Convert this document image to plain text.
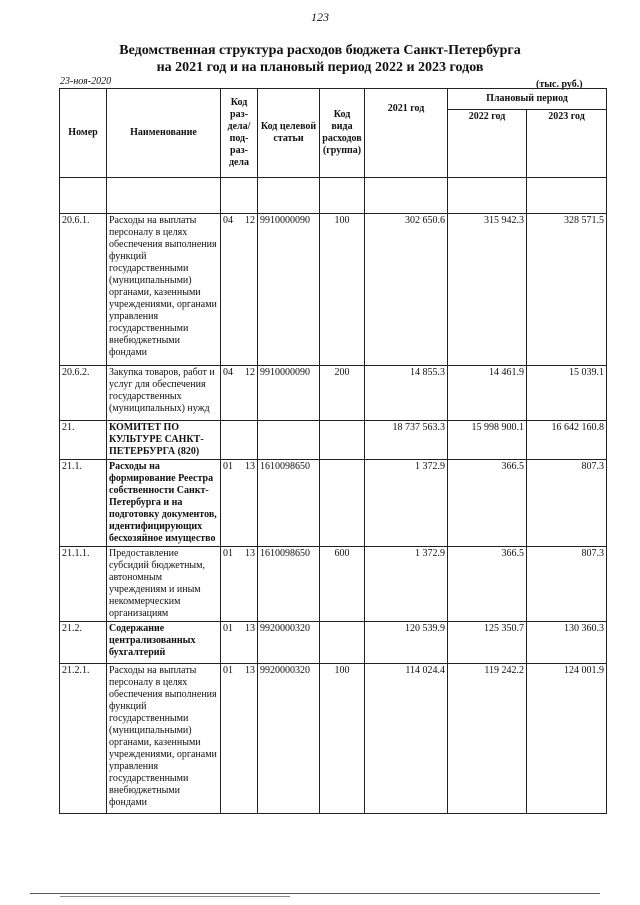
123
Ведомственная структура расходов бюджета Санкт-Петербурга
на 2021 год и на плановый период 2022 и 2023 годов
23-ноя-2020	(тыс. руб.)
Номер	Наименование	Код раз-дела/ под-раз-дела	Код целевой статьи	Код вида расходов (группа)	2021 год	Плановый период	
						2022 год	2023 год

20.6.1.	Расходы на выплаты персоналу в целях обеспечения выполнения функций государственными (муниципальными) органами, казенными учреждениями, органами управления государственными внебюджетными фондами	04 12	9910000090	100	302 650.6	315 942.3	328 571.5
20.6.2.	Закупка товаров, работ и услуг для обеспечения государственных (муниципальных) нужд	04 12	9910000090	200	14 855.3	14 461.9	15 039.1
21.	КОМИТЕТ ПО КУЛЬТУРЕ САНКТ-ПЕТЕРБУРГА (820)				18 737 563.3	15 998 900.1	16 642 160.8
21.1.	Расходы на формирование Реестра собственности Санкт-Петербурга и на подготовку документов, идентифицирующих бесхозяйное имущество	01 13	1610098650		1 372.9	366.5	807.3
21.1.1.	Предоставление субсидий бюджетным, автономным учреждениям и иным некоммерческим организациям	01 13	1610098650	600	1 372.9	366.5	807.3
21.2.	Содержание централизованных бухгалтерий	01 13	9920000320		120 539.9	125 350.7	130 360.3
21.2.1.	Расходы на выплаты персоналу в целях обеспечения выполнения функций государственными (муниципальными) органами, казенными учреждениями, органами управления государственными внебюджетными фондами	01 13	9920000320	100	114 024.4	119 242.2	124 001.9
